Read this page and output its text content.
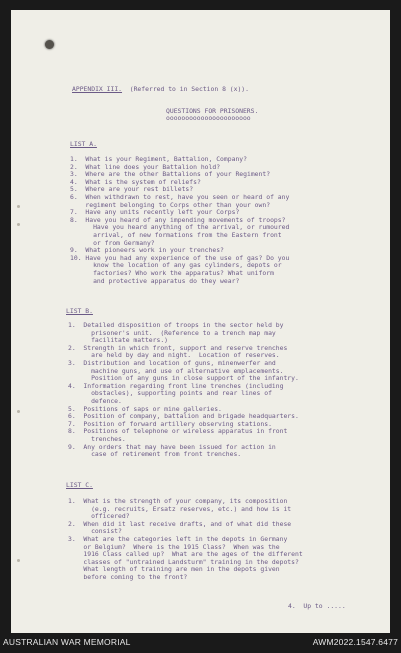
APPENDIX III. (Referred to in Section 8 (x)).
QUESTIONS FOR PRISONERS.
oooooooooooooooooooooo
LIST A.
1.  What is your Regiment, Battalion, Company?
2.  What line does your Battalion hold?
3.  Where are the other Battalions of your Regiment?
4.  What is the system of reliefs?
5.  Where are your rest billets?
6.  When withdrawn to rest, have you seen or heard of any
regiment belonging to Corps other than your own?
7.  Have any units recently left your Corps?
8.  Have you heard of any impending movements of troops?
Have you heard anything of the arrival, or rumoured
arrival, of new formations from the Eastern front
or from Germany?
9.  What pioneers work in your trenches?
10. Have you had any experience of the use of gas? Do you
know the location of any gas cylinders, depots or
factories? Who work the apparatus? What uniform
and protective apparatus do they wear?
LIST B.
1.  Detailed disposition of troops in the sector held by
prisoner's unit.  (Reference to a trench map may
facilitate matters.)
2.  Strength in which front, support and reserve trenches
are held by day and night.  Location of reserves.
3.  Distribution and location of guns, minenwerfer and
machine guns, and use of alternative emplacements.
Position of any guns in close support of the infantry.
4.  Information regarding front line trenches (including
obstacles), supporting points and rear lines of
defence.
5.  Positions of saps or mine galleries.
6.  Position of company, battalion and brigade headquarters.
7.  Position of forward artillery observing stations.
8.  Positions of telephone or wireless apparatus in front
trenches.
9.  Any orders that may have been issued for action in
case of retirement from front trenches.
LIST C.
1.  What is the strength of your company, its composition
(e.g. recruits, Ersatz reserves, etc.) and how is it
officered?
2.  When did it last receive drafts, and of what did these
consist?
3.  What are the categories left in the depots in Germany
or Belgium?  Where is the 1915 Class?  When was the
1916 Class called up?  What are the ages of the different
classes of "untrained Landsturm" training in the depots?
What length of training are men in the depots given
before coming to the front?
4.  Up to .....
AUSTRALIAN WAR MEMORIAL	AWM2022.1547.6477
